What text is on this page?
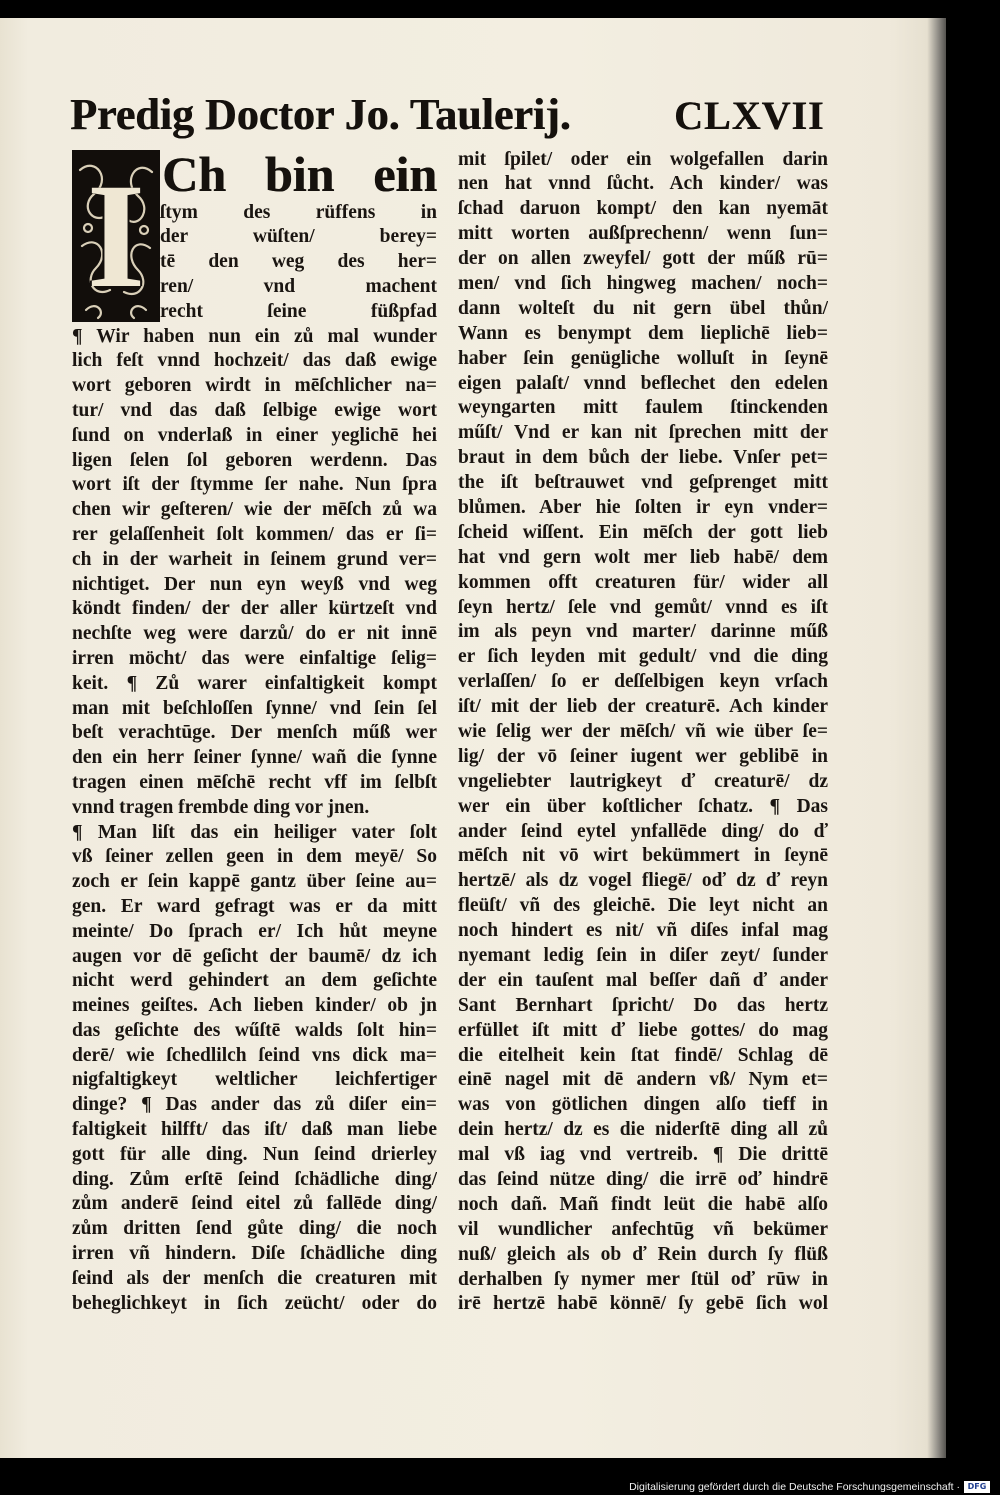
Predig Doctor Jo. Taulerij.	CLXVII
I Ch bin ein
ſtym des rüffens in
der wüſten/ berey=
tē den weg des her=
ren/ vnd machent
recht ſeine füßpfad
¶ Wir haben nun ein zů mal wunder
lich feſt vnnd hochzeit/ das daß ewige
wort geboren wirdt in mēſchlicher na=
tur/ vnd das daß ſelbige ewige wort
ſund on vnderlaß in einer yeglichē hei
ligen ſelen ſol geboren werdenn. Das
wort iſt der ſtymme ſer nahe. Nun ſpra
chen wir geſteren/ wie der mēſch zů wa
rer gelaſſenheit ſolt kommen/ das er ſi=
ch in der warheit in ſeinem grund ver=
nichtiget. Der nun eyn weyß vnd weg
köndt finden/ der der aller kürtzeſt vnd
nechſte weg were darzů/ do er nit innē
irren möcht/ das were einfaltige ſelig=
keit. ¶ Zů warer einfaltigkeit kompt
man mit beſchloſſen ſynne/ vnd ſein ſel
beſt verachtūge. Der menſch műß wer
den ein herr ſeiner ſynne/ wañ die ſynne
tragen einen mēſchē recht vff im ſelbſt
vnnd tragen frembde ding vor jnen.
¶ Man liſt das ein heiliger vater ſolt
vß ſeiner zellen geen in dem meyē/ So
zoch er ſein kappē gantz über ſeine au=
gen. Er ward gefragt was er da mitt
meinte/ Do ſprach er/ Ich hůt meyne
augen vor dē geſicht der baumē/ dz ich
nicht werd gehindert an dem geſichte
meines geiſtes. Ach lieben kinder/ ob jn
das geſichte des wűſtē walds ſolt hin=
derē/ wie ſchedlilch ſeind vns dick ma=
nigfaltigkeyt weltlicher leichfertiger
dinge? ¶ Das ander das zů diſer ein=
faltigkeit hilfft/ das iſt/ daß man liebe
gott für alle ding. Nun ſeind drierley
ding. Zům erſtē ſeind ſchädliche ding/
zům anderē ſeind eitel zů fallēde ding/
zům dritten ſend gůte ding/ die noch
irren vñ hindern. Diſe ſchädliche ding
ſeind als der menſch die creaturen mit
beheglichkeyt in ſich zeücht/ oder do
mit ſpilet/ oder ein wolgefallen darin
nen hat vnnd ſůcht. Ach kinder/ was
ſchad daruon kompt/ den kan nyemāt
mitt worten außſprechenn/ wenn ſun=
der on allen zweyfel/ gott der műß rū=
men/ vnd ſich hingweg machen/ noch=
dann wolteſt du nit gern übel thůn/
Wann es benympt dem lieplichē lieb=
haber ſein genügliche wolluſt in ſeynē
eigen palaſt/ vnnd beflechet den edelen
weyngarten mitt faulem ſtinckenden
műſt/ Vnd er kan nit ſprechen mitt der
braut in dem bůch der liebe. Vnſer pet=
the iſt beſtrauwet vnd geſprenget mitt
blůmen. Aber hie ſolten ir eyn vnder=
ſcheid wiſſent. Ein mēſch der gott lieb
hat vnd gern wolt mer lieb habē/ dem
kommen offt creaturen für/ wider all
ſeyn hertz/ ſele vnd gemůt/ vnnd es iſt
im als peyn vnd marter/ darinne műß
er ſich leyden mit gedult/ vnd die ding
verlaſſen/ ſo er deſſelbigen keyn vrſach
iſt/ mit der lieb der creaturē. Ach kinder
wie ſelig wer der mēſch/ vñ wie über ſe=
lig/ der vō ſeiner iugent wer geblibē in
vngeliebter lautrigkeyt ď creaturē/ dz
wer ein über koſtlicher ſchatz. ¶ Das
ander ſeind eytel ynfallēde ding/ do ď
mēſch nit vō wirt bekümmert in ſeynē
hertzē/ als dz vogel fliegē/ oď dz ď reyn
fleüſt/ vñ des gleichē. Die leyt nicht an
noch hindert es nit/ vñ diſes infal mag
nyemant ledig ſein in diſer zeyt/ ſunder
der ein tauſent mal beſſer dañ ď ander
Sant Bernhart ſpricht/ Do das hertz
erfüllet iſt mitt ď liebe gottes/ do mag
die eitelheit kein ſtat findē/ Schlag dē
einē nagel mit dē andern vß/ Nym et=
was von götlichen dingen alſo tieff in
dein hertz/ dz es die niderſtē ding all zů
mal vß iag vnd vertreib. ¶ Die drittē
das ſeind nütze ding/ die irrē oď hindrē
noch dañ. Mañ findt leüt die habē alſo
vil wundlicher anfechtūg vñ bekümer
nuß/ gleich als ob ď Rein durch ſy flüß
derhalben ſy nymer mer ſtül oď rūw in
irē hertzē habē könnē/ ſy gebē ſich wol
Digitalisierung gefördert durch die Deutsche Forschungsgemeinschaft · DFG
